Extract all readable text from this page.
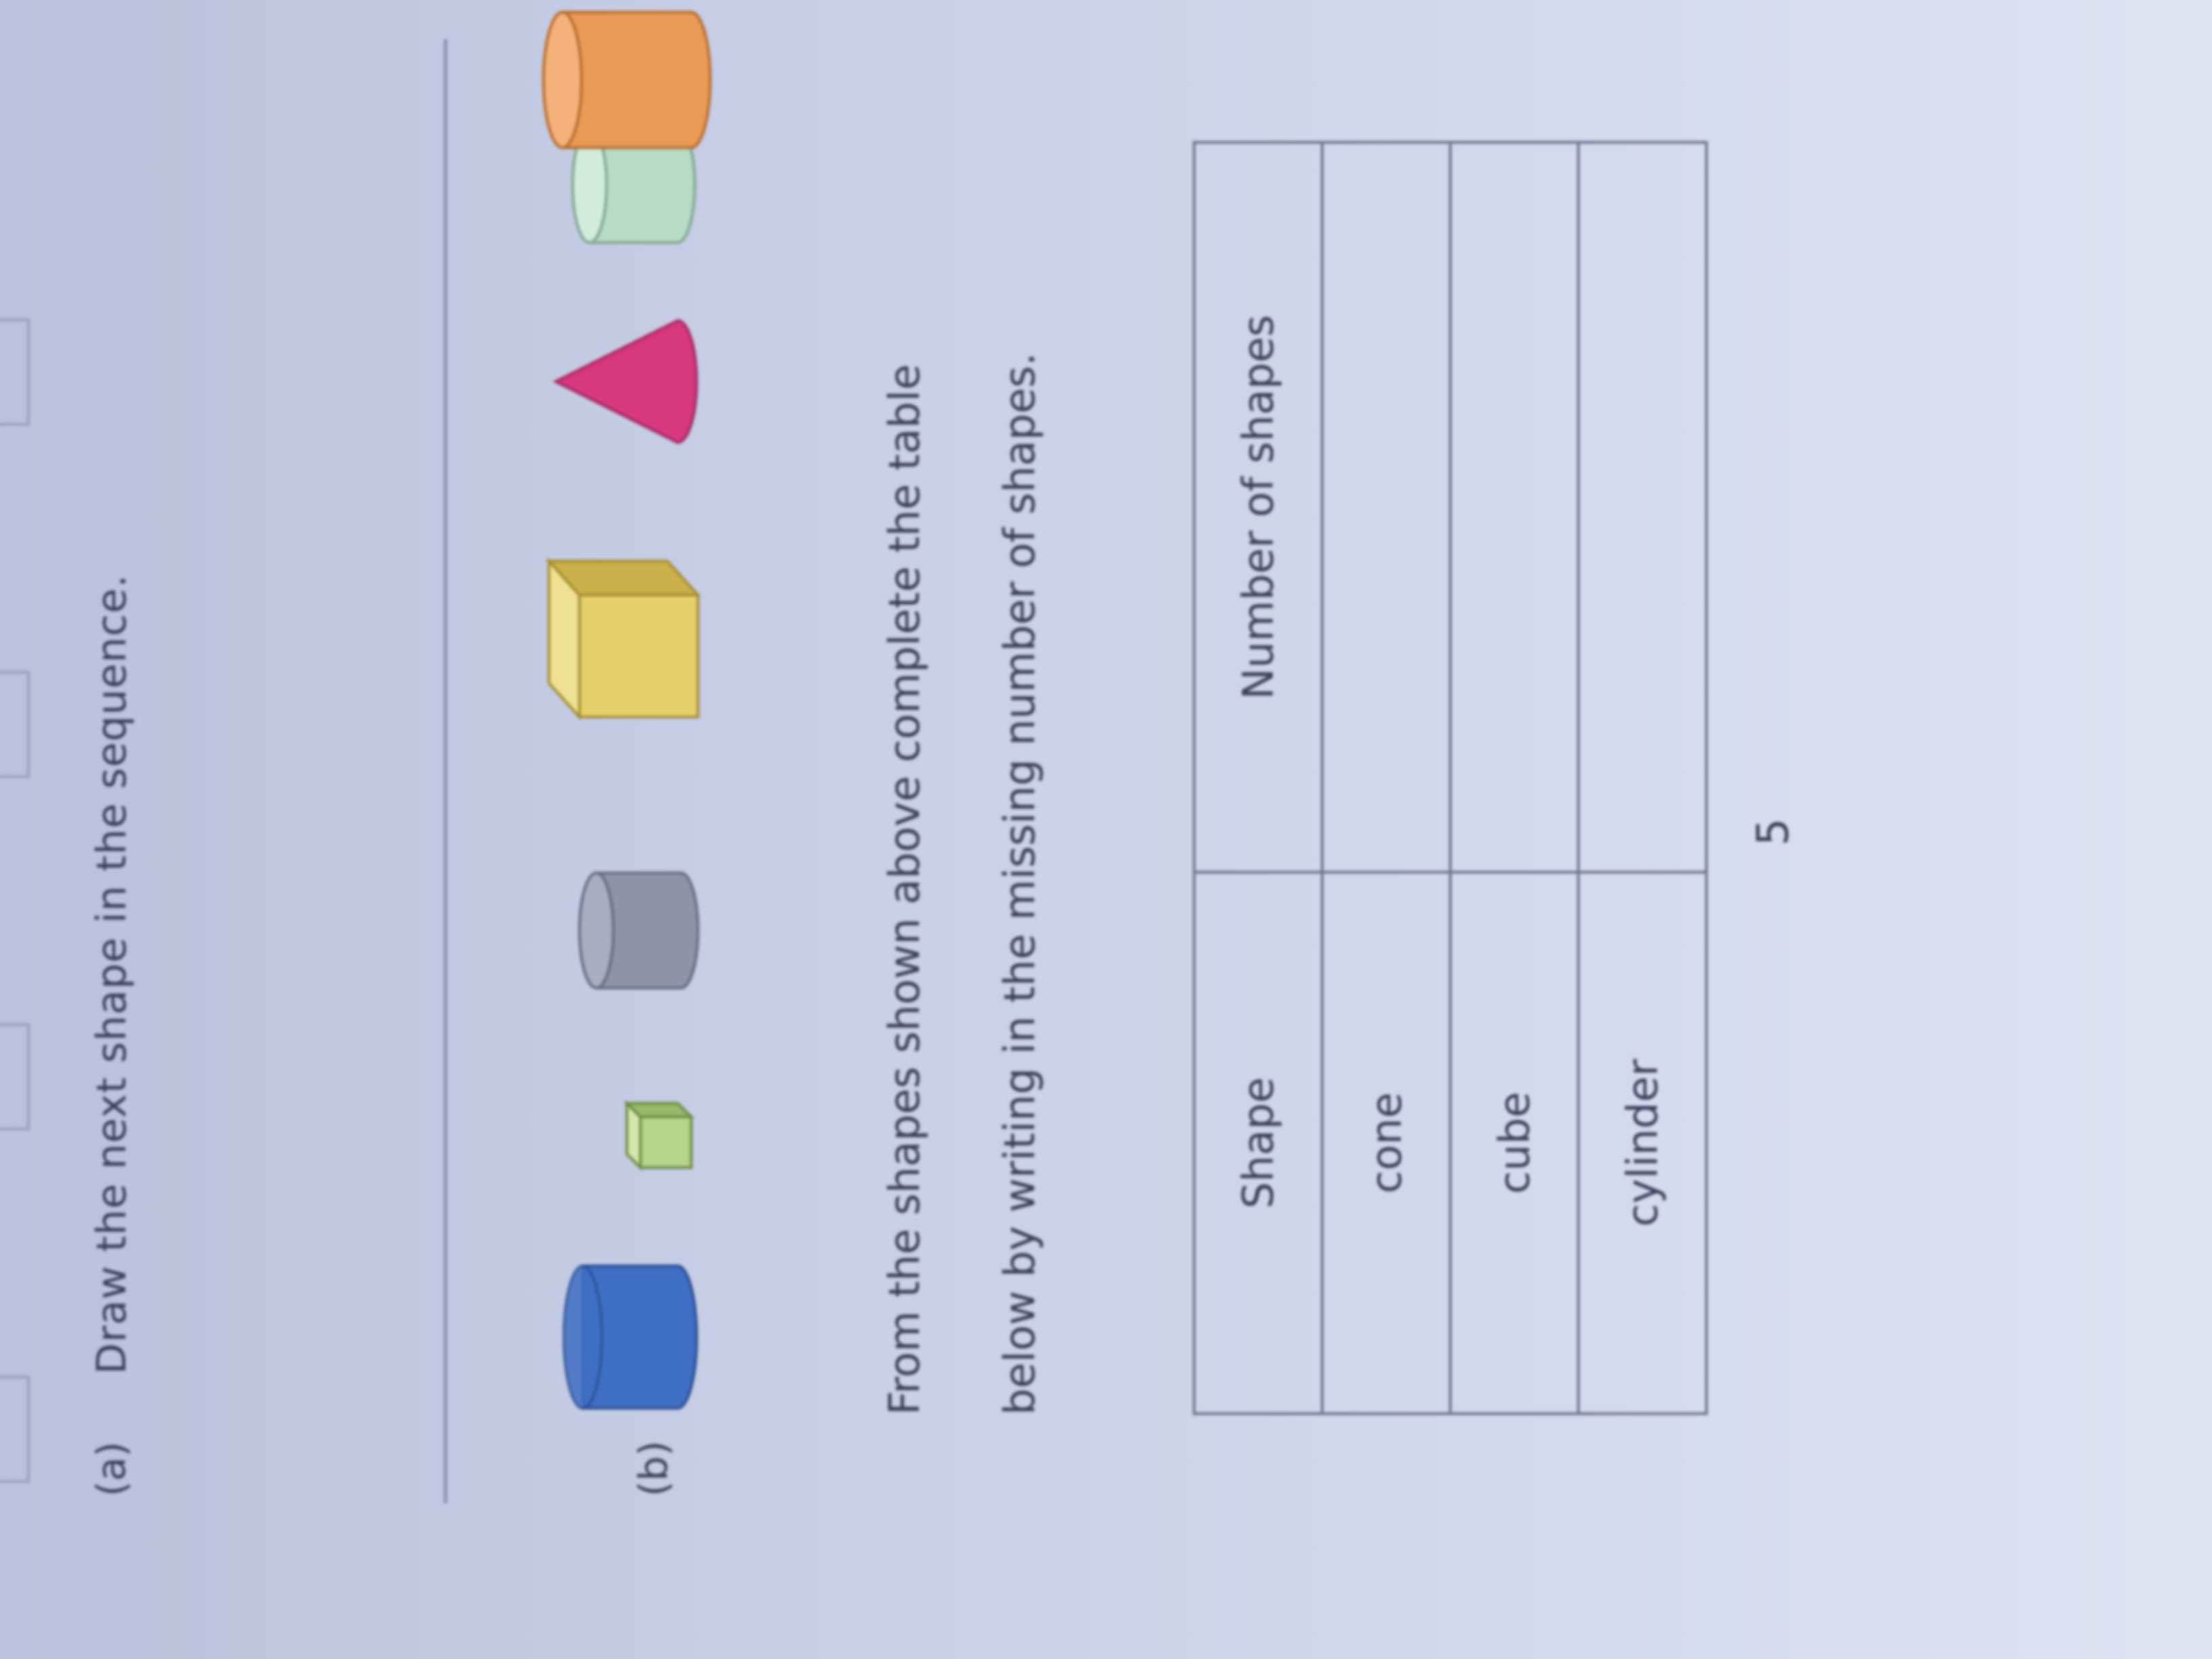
(a)
Draw the next shape in the sequence.
(b)
From the shapes shown above complete the table	below by writing in the missing number of shapes.	Shape	Number of shapes
cone	
cube	
cylinder	
5
